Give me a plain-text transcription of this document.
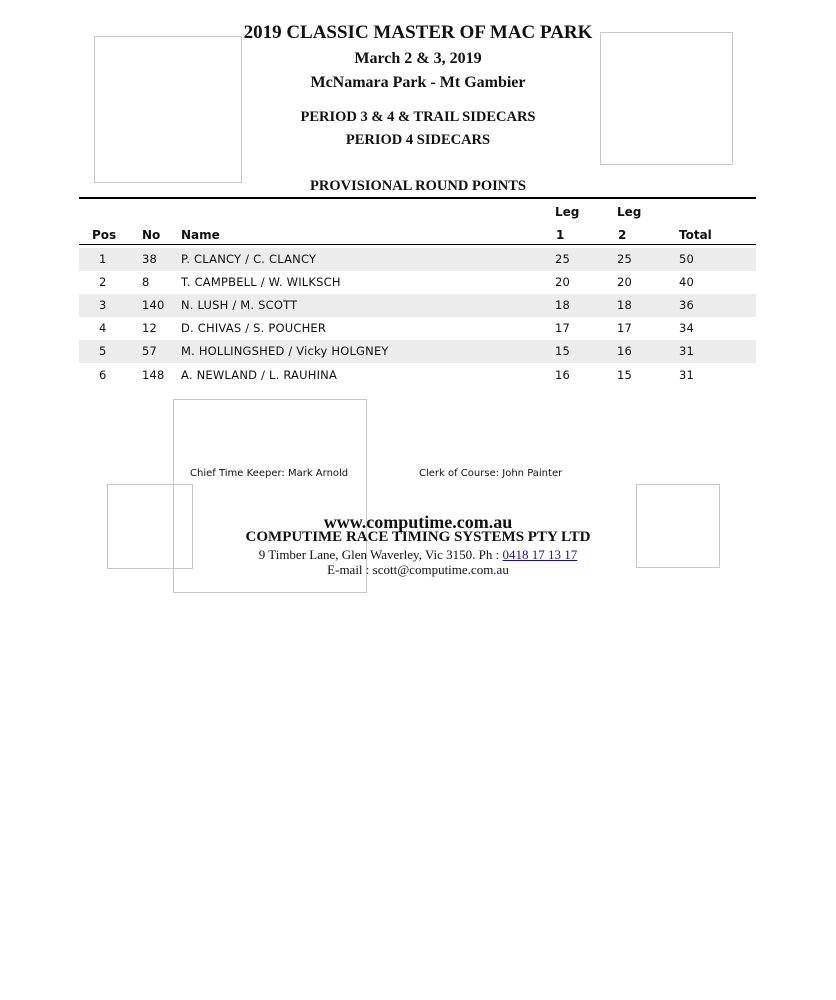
2019 CLASSIC MASTER OF MAC PARK
March 2 & 3, 2019
McNamara Park - Mt Gambier
PERIOD 3 & 4 & TRAIL SIDECARS
PERIOD 4 SIDECARS
PROVISIONAL ROUND POINTS
Leg	Leg
Pos No Name	1	2	Total
1	38 P. CLANCY / C. CLANCY	25	25	50
2	8	T. CAMPBELL / W. WILKSCH	20	20	40
3	140 N. LUSH / M. SCOTT	18	18	36
4	12 D. CHIVAS / S. POUCHER	17	17	34
5	57 M. HOLLINGSHED / Vicky HOLGNEY	15	16	31
6	148 A. NEWLAND / L. RAUHINA	16	15	31
Chief Time Keeper: Mark Arnold	Clerk of Course: John Painter
www.computime.com.au
COMPUTIME RACE TIMING SYSTEMS PTY LTD
9 Timber Lane, Glen Waverley, Vic 3150. Ph : 0418 17 13 17
E-mail : scott@computime.com.au
